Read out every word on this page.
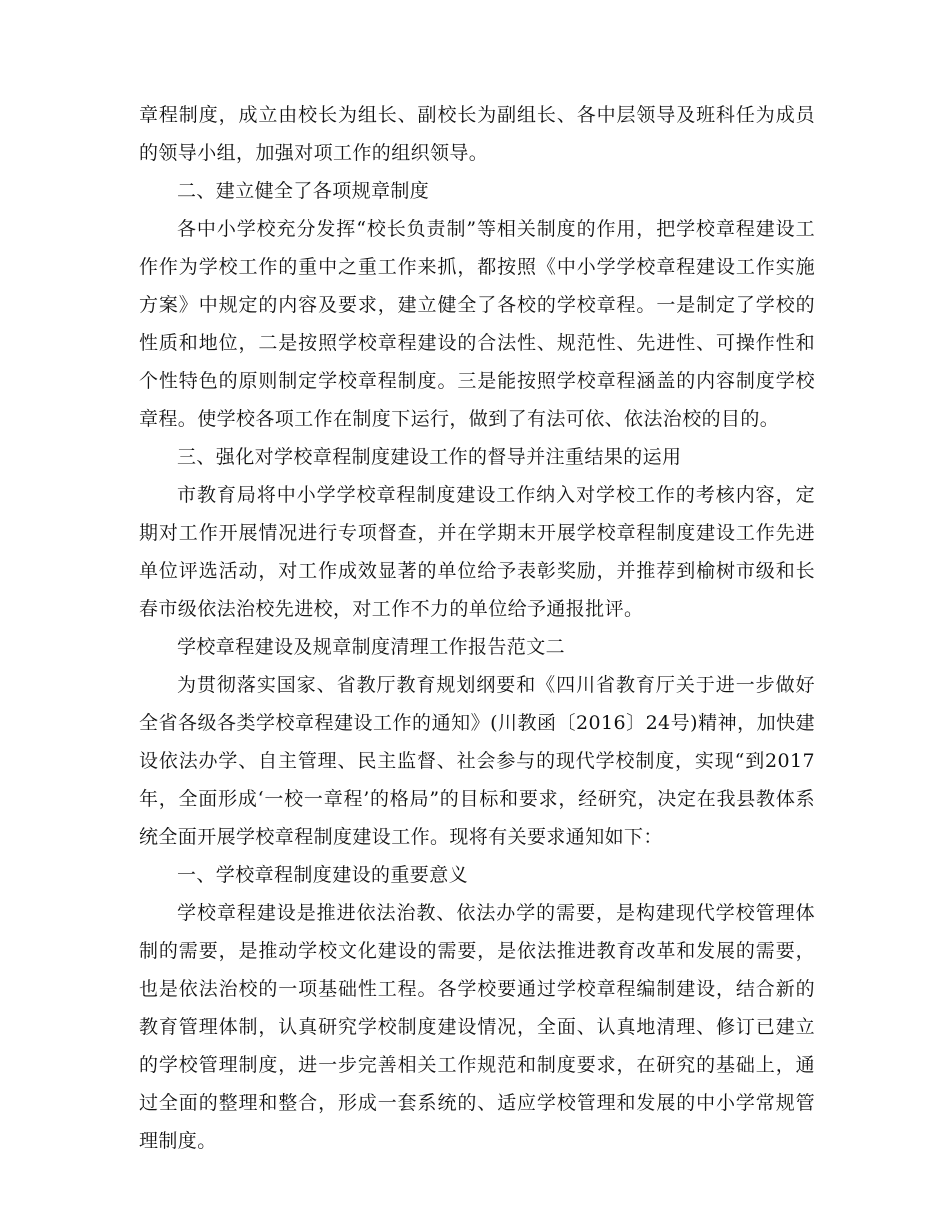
章程制度，成立由校长为组长、副校长为副组长、各中层领导及班科任为成员的领导小组，加强对项工作的组织领导。

二、建立健全了各项规章制度

各中小学校充分发挥“校长负责制”等相关制度的作用，把学校章程建设工作作为学校工作的重中之重工作来抓，都按照《中小学学校章程建设工作实施方案》中规定的内容及要求，建立健全了各校的学校章程。一是制定了学校的性质和地位，二是按照学校章程建设的合法性、规范性、先进性、可操作性和个性特色的原则制定学校章程制度。三是能按照学校章程涵盖的内容制度学校章程。使学校各项工作在制度下运行，做到了有法可依、依法治校的目的。

三、强化对学校章程制度建设工作的督导并注重结果的运用

市教育局将中小学学校章程制度建设工作纳入对学校工作的考核内容，定期对工作开展情况进行专项督查，并在学期末开展学校章程制度建设工作先进单位评选活动，对工作成效显著的单位给予表彰奖励，并推荐到榆树市级和长春市级依法治校先进校，对工作不力的单位给予通报批评。

学校章程建设及规章制度清理工作报告范文二

为贯彻落实国家、省教厅教育规划纲要和《四川省教育厅关于进一步做好全省各级各类学校章程建设工作的通知》(川教函〔2016〕24号)精神，加快建设依法办学、自主管理、民主监督、社会参与的现代学校制度，实现“到2017年，全面形成‘一校一章程’的格局”的目标和要求，经研究，决定在我县教体系统全面开展学校章程制度建设工作。现将有关要求通知如下：

一、学校章程制度建设的重要意义

学校章程建设是推进依法治教、依法办学的需要，是构建现代学校管理体制的需要，是推动学校文化建设的需要，是依法推进教育改革和发展的需要，也是依法治校的一项基础性工程。各学校要通过学校章程编制建设，结合新的教育管理体制，认真研究学校制度建设情况，全面、认真地清理、修订已建立的学校管理制度，进一步完善相关工作规范和制度要求，在研究的基础上，通过全面的整理和整合，形成一套系统的、适应学校管理和发展的中小学常规管理制度。
